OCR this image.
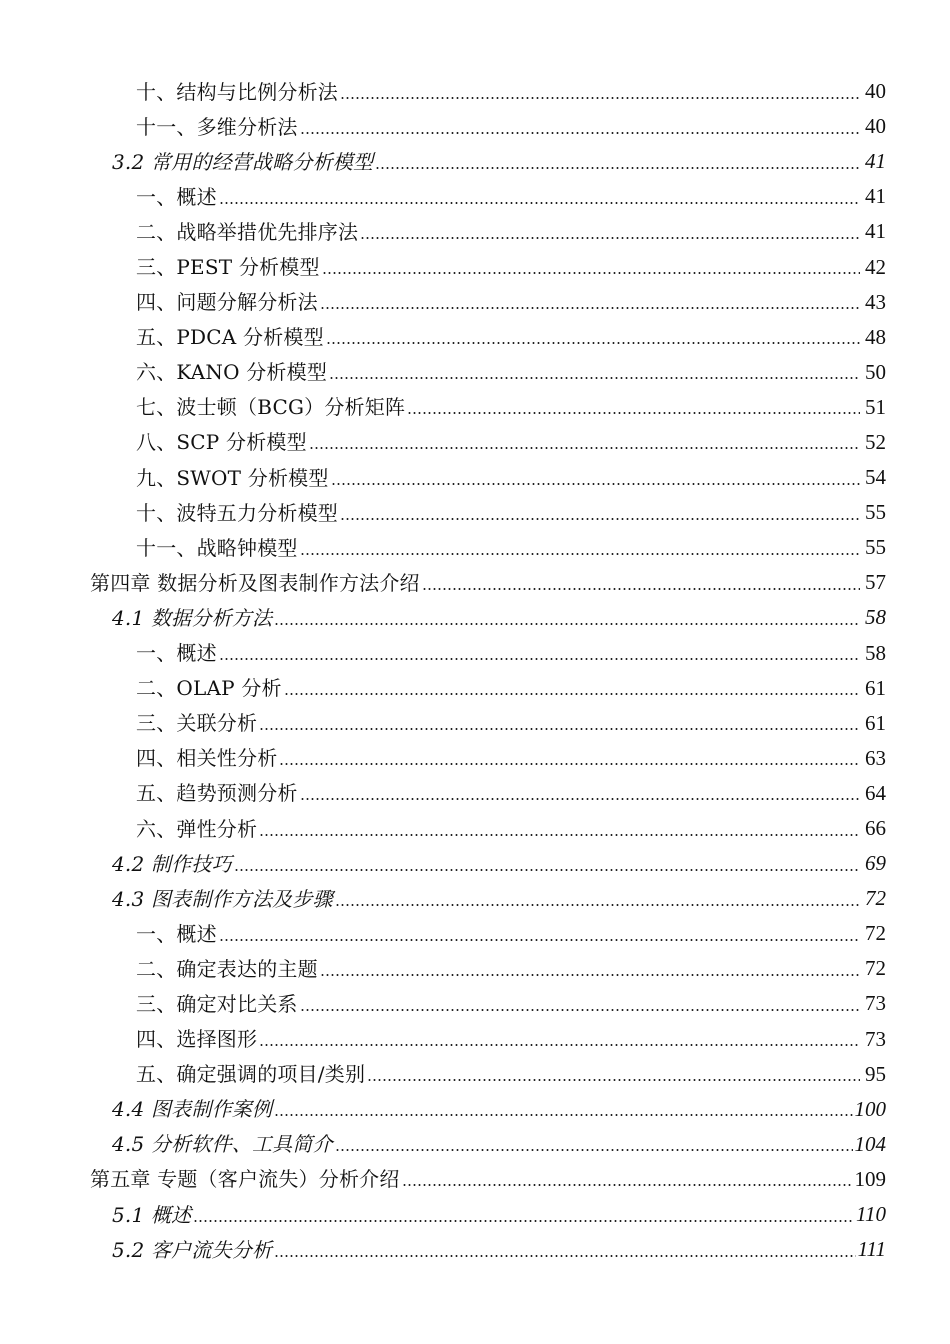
十、结构与比例分析法	40
十一、多维分析法	40
3.2 常用的经营战略分析模型	41
一、概述	41
二、战略举措优先排序法	41
三、PEST 分析模型	42
四、问题分解分析法	43
五、PDCA 分析模型	48
六、KANO 分析模型	50
七、波士顿（BCG）分析矩阵	51
八、SCP 分析模型	52
九、SWOT 分析模型	54
十、波特五力分析模型	55
十一、战略钟模型	55
第四章 数据分析及图表制作方法介绍	57
4.1 数据分析方法	58
一、概述	58
二、OLAP 分析	61
三、关联分析	61
四、相关性分析	63
五、趋势预测分析	64
六、弹性分析	66
4.2 制作技巧	69
4.3 图表制作方法及步骤	72
一、概述	72
二、确定表达的主题	72
三、确定对比关系	73
四、选择图形	73
五、确定强调的项目/类别	95
4.4 图表制作案例	100
4.5 分析软件、工具简介	104
第五章 专题（客户流失）分析介绍	109
5.1 概述	110
5.2 客户流失分析	111
